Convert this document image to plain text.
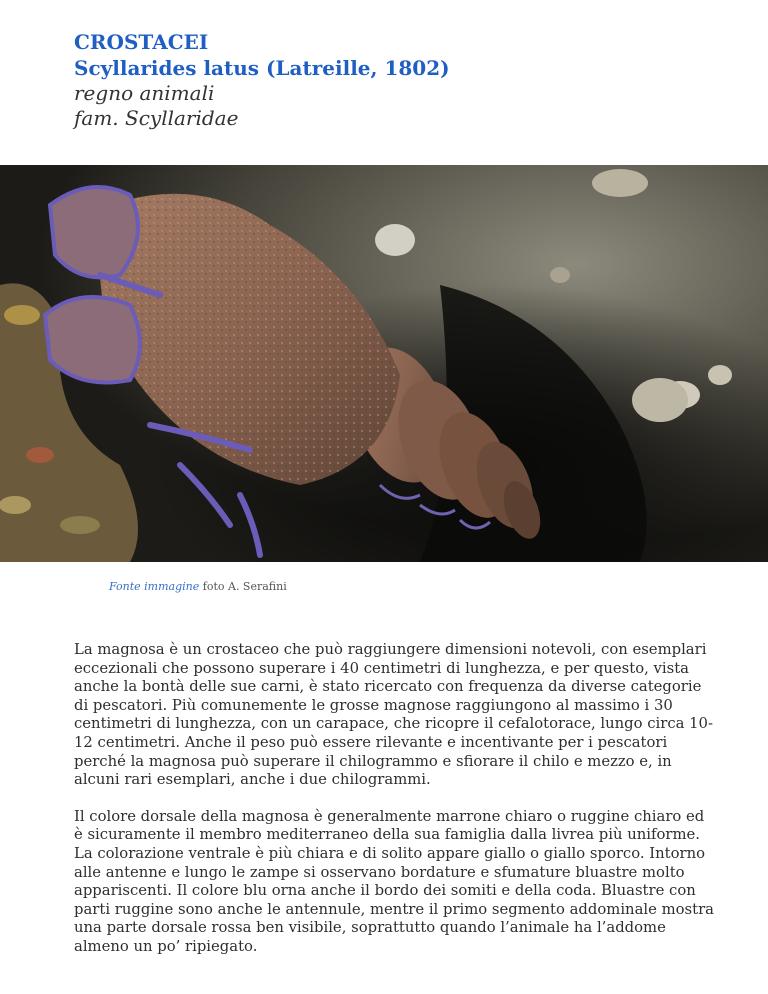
CROSTACEI
Scyllarides latus (Latreille, 1802)
regno animali
fam. Scyllaridae
Fonte immagine foto A. Serafini

La magnosa è un crostaceo che può raggiungere dimensioni notevoli, con esemplari eccezionali che possono superare i 40 centimetri di lunghezza, e per questo, vista anche la bontà delle sue carni, è stato ricercato con frequenza da diverse categorie di pescatori. Più comunemente le grosse magnose raggiungono al massimo i 30 centimetri di lunghezza, con un carapace, che ricopre il cefalotorace, lungo circa 10-12 centimetri. Anche il peso può essere rilevante e incentivante per i pescatori perché la magnosa può superare il chilogrammo e sfiorare il chilo e mezzo e, in alcuni rari esemplari, anche i due chilogrammi.

Il colore dorsale della magnosa è generalmente marrone chiaro o ruggine chiaro ed è sicuramente il membro mediterraneo della sua famiglia dalla livrea più uniforme. La colorazione ventrale è più chiara e di solito appare giallo o giallo sporco. Intorno alle antenne e lungo le zampe si osservano bordature e sfumature bluastre molto appariscenti. Il colore blu orna anche il bordo dei somiti e della coda. Bluastre con parti ruggine sono anche le antennule, mentre il primo segmento addominale mostra una parte dorsale rossa ben visibile, soprattutto quando l’animale ha l’addome almeno un po’ ripiegato.
